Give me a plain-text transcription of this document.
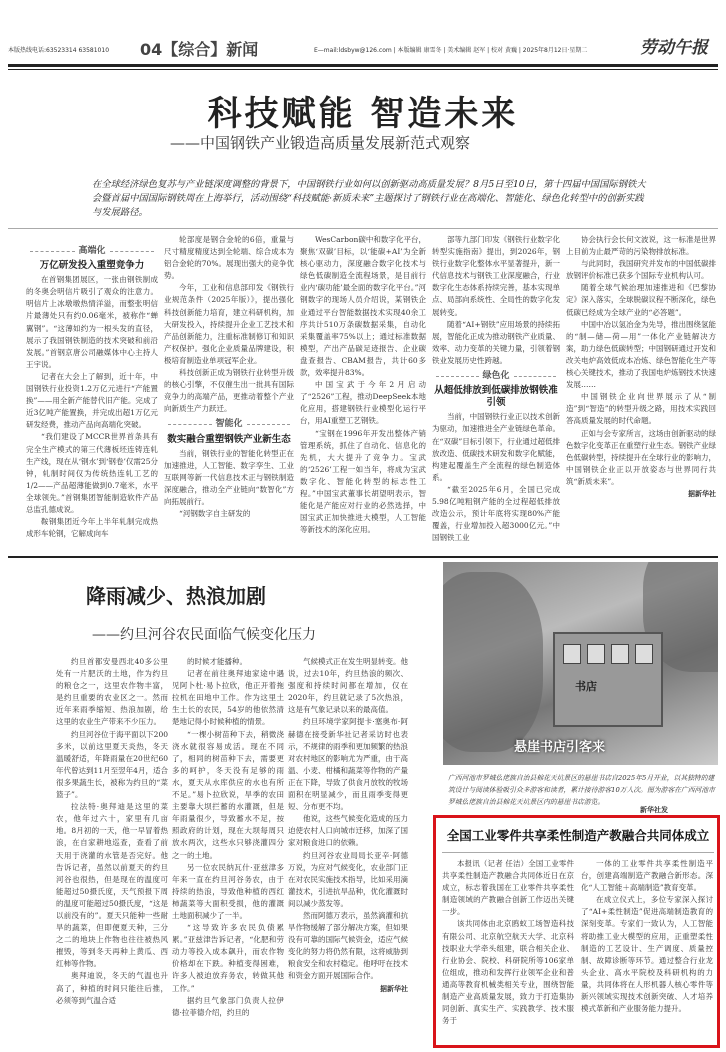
本版热线电话:63523314 63581010 04【综合】新闻	E—mail:ldsbyw@126.com | 本版编辑 康雪冬 | 美术编辑 赵军 | 校对 黄巍 | 2025年8月12日·星期二	劳动午报
科技赋能 智造未来
——中国钢铁产业锻造高质量发展新范式观察
在全球经济绿色复苏与产业链深度调整的背景下，中国钢铁行业如何以创新驱动高质量发展？8月5日至10日，第十四届中国国际钢铁大会暨首届中国国际钢铁周在上海举行，活动围绕“科技赋能·新质未来”主题探讨了钢铁行业在高端化、智能化、绿色化转型中的创新实践与发展路径。
高端化
万亿研发投入重塑竞争力

在首钢集团展区，一张由钢铁制成的冬奥会明信片吸引了观众的注意力。明信片上冰墩墩热情洋溢，而整张明信片最薄处只有约0.06毫米，被称作“蝉翼钢”。“这薄如约为一根头发的直径，展示了我国钢铁制造的技术突破和前沿发展。”首钢京唐公司融媒体中心主持人王宇说。

记者在大会上了解到，近十年，中国钢铁行业投资1.2万亿元进行“产能置换”——用全新产能替代旧产能。完成了近3亿吨产能置换，并完成出超1万亿元研发经费，推动产品向高端化突破。

“我们建设了MCCR世界首条具有完全生产模式的第三代薄板坯连铸连轧生产线，现在从‘钢水’到‘钢卷’仅需25分钟，轧制时间仅为传统热连轧工艺的1/2——产品超薄能做到0.7毫米，水平全球领先。”首钢集团智能制造软件产品总监孔德成说。

鞍钢集团近今年上半年轧制完成热成形车轮钢，它解成向车

轮部度是钢合金轮的6倍，重量与尺寸精度精度达到全轮端、综合成本为铝合金轮的70%。展现出强大的竞争优势。

今年，工业和信息部印发《钢铁行业规范条件（2025年版）》，提出强化科技创新能力培育，建立科研机构，加大研发投入，持续提升企业工艺技术和产品创新能力，注重标准制修订和知识产权保护。强化企业质量品牌建设，积极培育制造业单项冠军企业。

科技创新正成为钢铁行业转型升级的核心引擎，不仅催生出一批具有国际竞争力的高端产品，更推动着整个产业向新质生产力跃迁。

智能化
数实融合重塑钢铁产业新生态

当前，钢铁行业的智能化转型正在加速推进，人工智能、数字孪生、工业互联网等新一代信息技术正与钢铁制造深度融合，推动全产业链向“数智化”方向拓展前行。

“河钢数字自主研发的

WesCarbon碳中和数字化平台，聚焦‘双碳’目标，以‘能碳+AI’为全新核心驱动力，深度融合数字化技术与绿色低碳制造全流程场景，是目前行业内‘碳功能’最全面的数字化平台。”河钢数字的现场人员介绍说，某钢铁企业通过平台智能数据技术实现40余工序共计510万条碳数据采集，自动化采集覆盖率75%以上；通过标准数据模型，产出产品碳足迹报告、企业碳盘查报告、CBAM报告，共计60多款，效率提升83%。

中国宝武于今年2月启动了“2526”工程，推动DeepSeek本地化应用，搭建钢铁行业模型化运行平台，用AI重塑工艺钢铁。

“宝钢在1996年开发出整体产销管理系统，抓住了自动化、信息化的先机，大大提升了竞争力。宝武的‘2526’工程一如当年，将成为宝武数字化、智能化转型的标志性工程。”中国宝武董事长胡望明表示，智能化是产能应对行业的必然选择，中国宝武正加快推进大模型，人工智能等新技术的深化应用。

部等九部门印发《钢铁行业数字化转型实施指南》提出，到2026年，钢铁行业数字化整体水平显著提升，新一代信息技术与钢铁工业深度融合，行业数字化生态体系持续完善，基本实现单点、局部向系统性、全局性的数字化发展转变。

随着“AI+钢铁”应用场景的持续拓展，智能化正成为推动钢铁产业质量、效率、动力变革的关键力量，引领着钢铁业发展历史性跨越。

绿色化
从超低排放到低碳排放钢铁准引领

当前，中国钢铁行业正以技术创新为驱动，加速推进全产业链绿色革命。在“双碳”目标引领下，行业通过超低排放改造、低碳技术研发和数字化赋能，构建起覆盖生产全流程的绿色制造体系。

“截至2025年6月，全国已完成5.98亿吨粗钢产能的全过程超低排放改造公示，预计年底将实现80%产能覆盖，行业增加投入超3000亿元。”中国钢铁工业

协会执行会长何文波说，这一标准是世界上目前为止最严苛的污染物排放标准。

与此同时，我国研究并发布的中国低碳排放钢评价标准已获多个国际专业机构认可。

随着全球气候治理加速推进和《巴黎协定》深入落实，全球脱碳议程不断深化，绿色低碳已经成为全球产业的“必答题”。

中国中冶以氢冶金为先导，推出围绕氢能的“制—储—荷—用”一体化产业链解决方案，助力绿色低碳转型；中国钢研通过开发和改关电炉高效低成本冶炼、绿色智能化生产等核心关键技术，推动了我国电炉炼钢技术快速发展……

中国钢铁企业向世界展示了从“制造”到“智造”的转型升级之路，用技术实践回答高质量发展的时代命题。

正如与会专家所言，这场由创新驱动的绿色数字化变革正在重塑行业生态。钢铁产业绿色低碳转型，持续提升在全球行业的影响力，中国钢铁企业正以开放姿态与世界同行共筑“新质未来”。

据新华社
降雨减少、热浪加剧
——约旦河谷农民面临气候变化压力

约旦首都安曼西北40多公里处有一片肥沃的土地，作为约旦的粮仓之一，这里农作物丰富，是约旦重要的农业区之一。然而近年来雨季缩短、热浪加剧，给这里的农业生产带来不少压力。

约旦河谷位于海平面以下200多米，以前这里夏天炎热，冬天温暖舒适，年降雨量在20世纪60年代曾达到11月至翌年4月，适合很多果蔬生长，被称为约旦的“菜篮子”。

拉法特·奥拜迪是这里的菜农，他年过六十，家里有几亩地。8月初的一天，他一早冒着热浪，在自家耕地巡查，查看了前天用于浇灌的水管是否完好。他告诉记者，虽然以前夏天的约旦河谷也很热，但是现在的温度可能超过50摄氏度，天气预报下周的温度可能超过50摄氏度，“这是以前没有的”。夏天只能种一些耐旱的蔬菜，但即便夏天种，三分之二的地块上作物也往往被热风摧毁，等到冬天再种上黄瓜、西红柿等作物。

奥拜迪说，冬天的气温也升高了，种植的时间只能往后推，必须等到气温合适

的时候才能播种。

记者在前往奥拜迪家途中遇见阿卜杜·易卜拉欣，他正开着拖拉机在田地中工作。作为这里土生土长的农民，54岁的他依然清楚地记得小时候种植的情景。

“一棵小树苗种下去，稍微浇浇水就很容易成活。现在不同了，相同的树苗种下去，需要更多的呵护，冬天没有足够的雨水，夏天从水库供应的水也有所不足。”易卜拉欣说，旱季的农田主要靠大坝拦蓄的水灌溉，但是年雨量很少，导致蓄水不足，按照政府的计划，现在大坝每周只放水两次，这些水只够浇灌四分之一的土地。

另一位农民纳瓦什·亚兹津多年来一直在约旦河谷务农，由于持续的热浪，导致他种植的西红柿蔬菜等大面积受损，他的灌溉土地面积减少了一半。

“这导致许多农民负债累累。”亚兹津告诉记者，“化肥和劳动力等投入成本飙升，而农作物价格却在下跌。种植变得困难，许多人被迫放弃务农，转做其他工作。”

据约旦气象部门负责人拉伊德·拉菲德介绍，约旦的

气候模式正在发生明显转变。他说，过去10年，约旦热浪的频次、强度和持续时间都在增加，仅在2020年，约旦就记录了5次热浪，这是有气象记录以来的最高值。

约旦环境学家阿提卡·塞奥布·阿赫德在接受新华社记者采访时也表示，不规律的雨季和更加频繁的热浪对农村地区的影响尤为严重，由于高温、小麦、柑橘和蔬菜等作物的产量正在下降，导致了供食月放牧的牧场面积在明显减少，而且雨季变得更短、分布更不均。

他说，这些气候变化造成的压力迫使农村人口向城市迁移，加深了国家对粮食进口的依赖。

约旦河谷农业局局长亚辛·阿德万说，为应对气候变化，农业部门正在对农民实施技术指导，比如采用滴灌技术，引进抗旱品种，优化灌溉时间以减少蒸发等。

然而阿德万表示，虽然滴灌和抗旱作物缓解了部分解决方案，但如果没有可靠的国际气候资金，适应气候变化的努力将仍然有限，这将威胁到粮食安全和农村稳定。他呼吁在技术和资金方面开展国际合作。

据新华社
书店
悬崖书店引客来
广西河池市罗城仫佬族自治县棉花天坑景区的悬崖书店自2025年5月开业，以其独特的建筑设计与阅读体验吸引众多游客和读者，累计接待游客10万人次。图为游客在广西河池市罗城仫佬族自治县棉花天坑景区内的悬崖书店游览。
新华社发
全国工业零件共享柔性制造产教融合共同体成立

本报讯（记者 任洁）全国工业零件共享柔性制造产教融合共同体近日在京成立，标志着我国在工业零件共享柔性制造领域的产教融合创新工作迈出关键一步。

该共同体由北京鸥蚁工场智造科技有限公司、北京航空航天大学、北京科技职业大学牵头组建，联合相关企业、行业协会、院校、科研院所等106家单位组成，推动和发挥行业领军企业和普通高等教育机械类相关专业，围绕智能制造产业高质量发展，致力于打造集协同创新、真实生产、实践教学、技术服务于

一体的工业零件共享柔性制造平台，创建高端制造产教融合新形态。深化“人工智能＋高端制造”教育变革。

在成立仪式上，多位专家深入探讨了“AI+柔性制造”促进高端制造教育的深刻变革。专家们一致认为，人工智能将助推工业大模型的应用，正重塑柔性制造的工艺设计、生产调度、质量控制、故障诊断等环节。通过整合行业龙头企业、高水平院校及科研机构的力量，共同体将在人形机器人核心零件等新兴领域实现技术创新突破、人才培养模式革新和产业服务能力提升。
